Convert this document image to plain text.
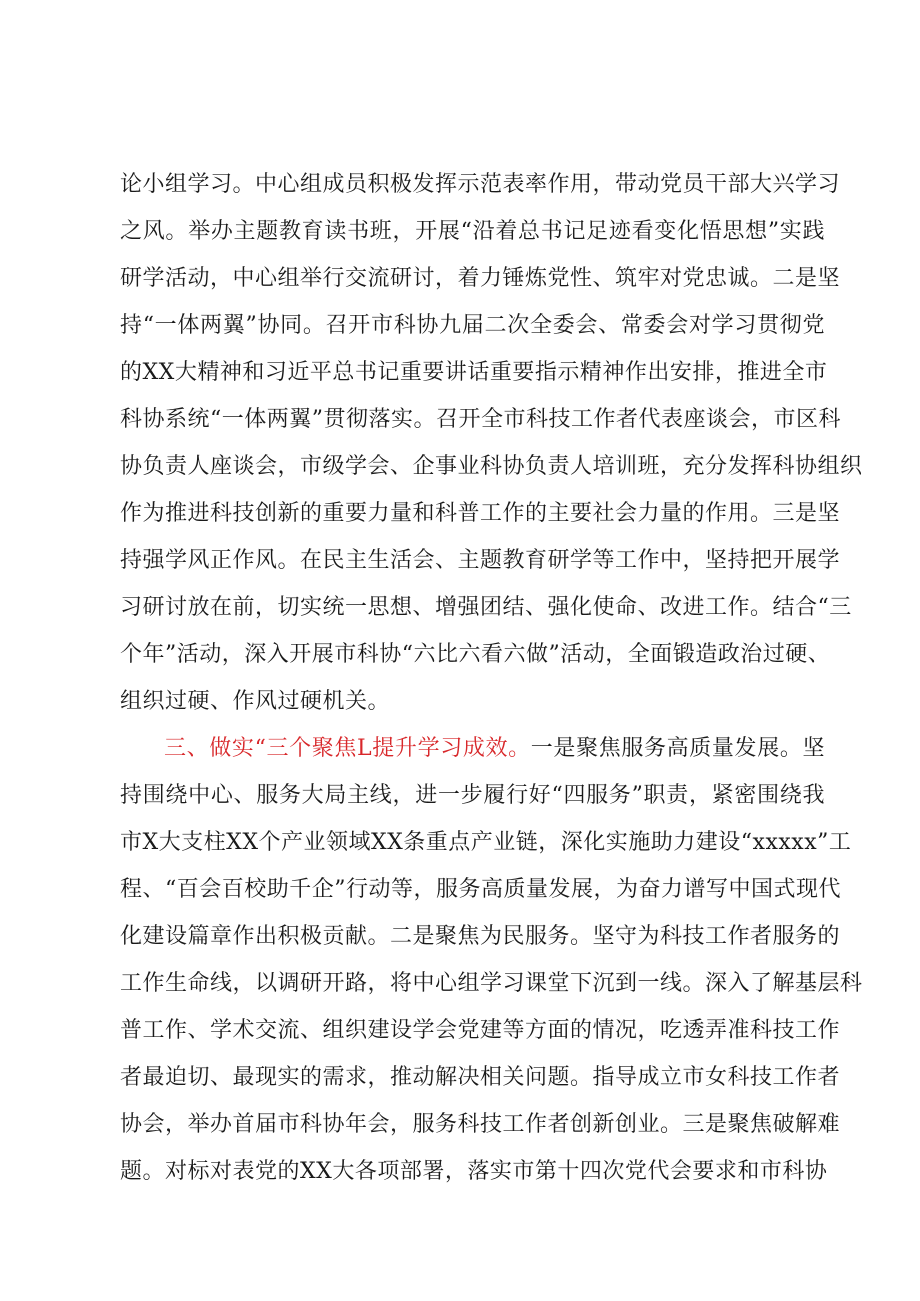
论小组学习。中心组成员积极发挥示范表率作用，带动党员干部大兴学习
之风。举办主题教育读书班，开展“沿着总书记足迹看变化悟思想”实践
研学活动，中心组举行交流研讨，着力锤炼党性、筑牢对党忠诚。二是坚
持“一体两翼”协同。召开市科协九届二次全委会、常委会对学习贯彻党
的XX大精神和习近平总书记重要讲话重要指示精神作出安排，推进全市
科协系统“一体两翼”贯彻落实。召开全市科技工作者代表座谈会，市区科
协负责人座谈会，市级学会、企事业科协负责人培训班，充分发挥科协组织
作为推进科技创新的重要力量和科普工作的主要社会力量的作用。三是坚
持强学风正作风。在民主生活会、主题教育研学等工作中，坚持把开展学
习研讨放在前，切实统一思想、增强团结、强化使命、改进工作。结合“三
个年”活动，深入开展市科协“六比六看六做”活动，全面锻造政治过硬、
组织过硬、作风过硬机关。
三、做实“三个聚焦L提升学习成效。一是聚焦服务高质量发展。坚
持围绕中心、服务大局主线，进一步履行好“四服务”职责，紧密围绕我
市X大支柱XX个产业领域XX条重点产业链，深化实施助力建设“xxxxx”工
程、“百会百校助千企”行动等，服务高质量发展，为奋力谱写中国式现代
化建设篇章作出积极贡献。二是聚焦为民服务。坚守为科技工作者服务的
工作生命线，以调研开路，将中心组学习课堂下沉到一线。深入了解基层科
普工作、学术交流、组织建设学会党建等方面的情况，吃透弄准科技工作
者最迫切、最现实的需求，推动解决相关问题。指导成立市女科技工作者
协会，举办首届市科协年会，服务科技工作者创新创业。三是聚焦破解难
题。对标对表党的XX大各项部署，落实市第十四次党代会要求和市科协
